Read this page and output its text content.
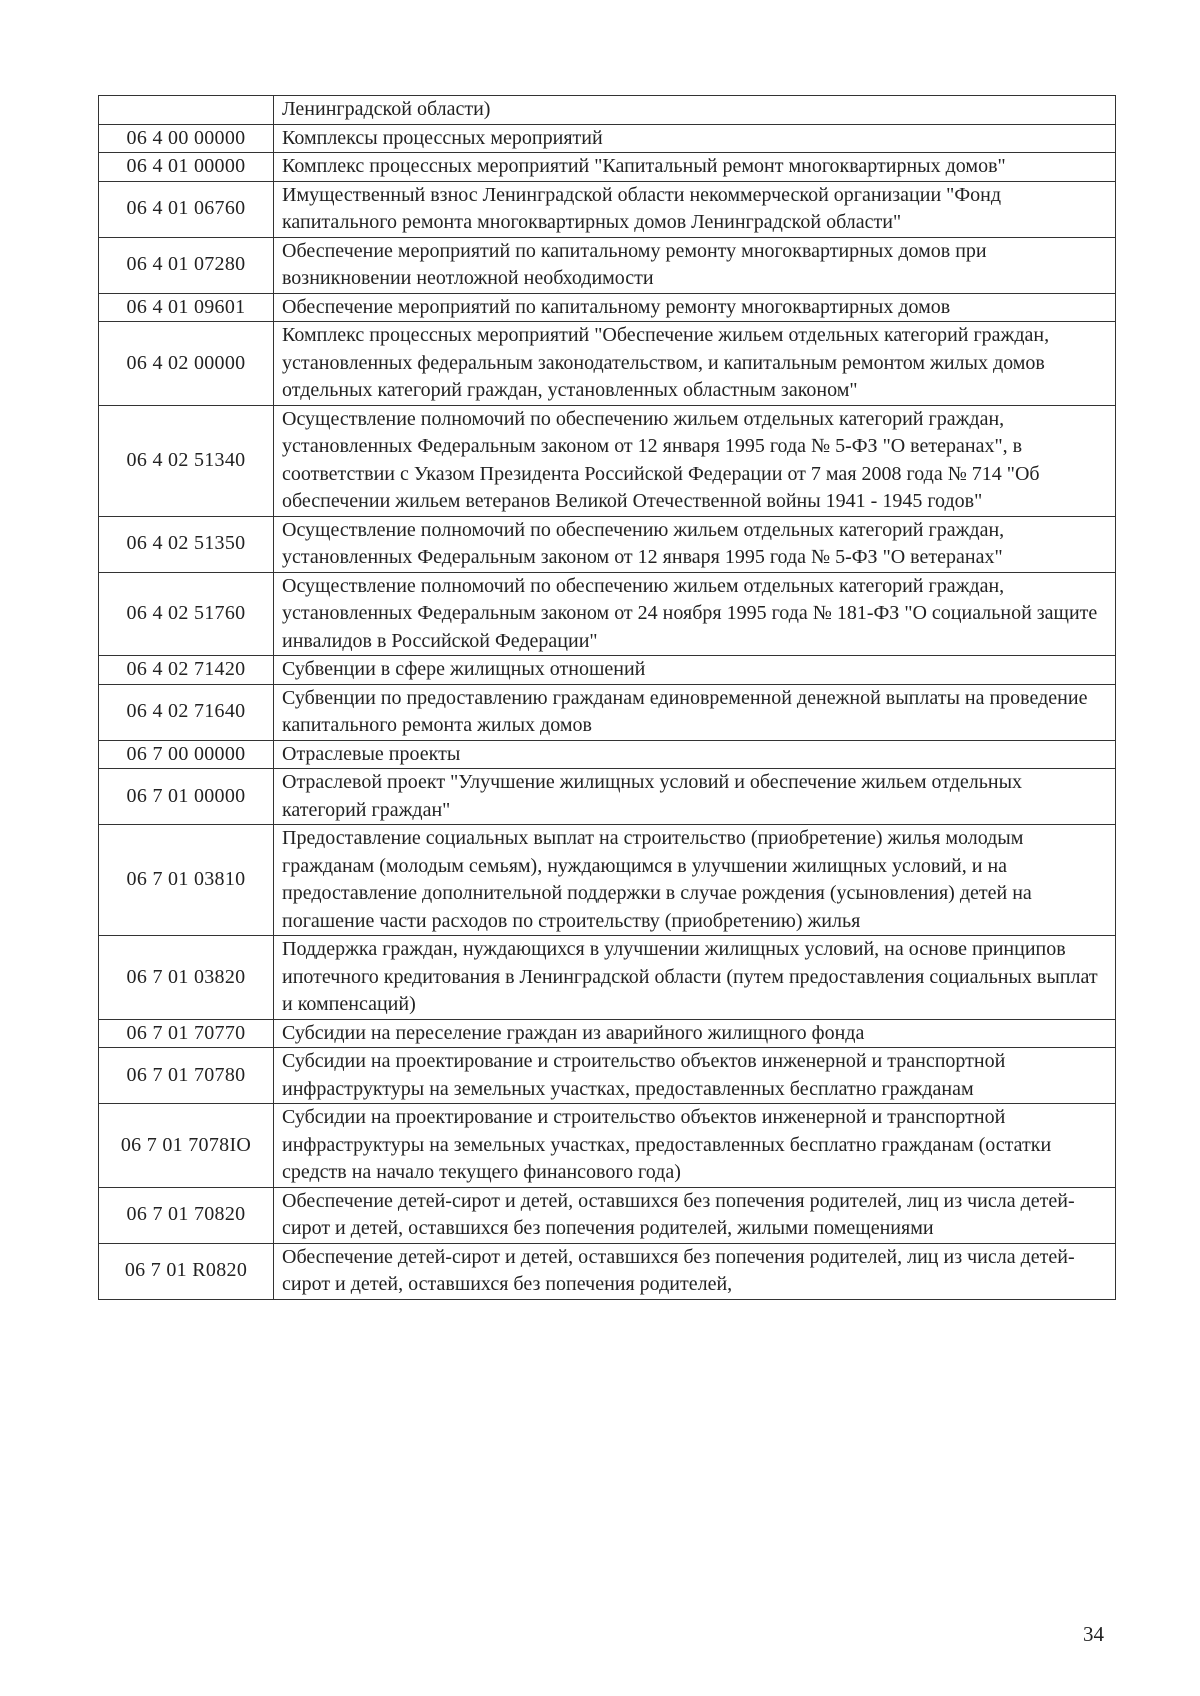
	Ленинградской области)
06 4 00 00000	Комплексы процессных мероприятий
06 4 01 00000	Комплекс процессных мероприятий "Капитальный ремонт многоквартирных домов"
06 4 01 06760	Имущественный взнос Ленинградской области некоммерческой организации "Фонд капитального ремонта многоквартирных домов Ленинградской области"
06 4 01 07280	Обеспечение мероприятий по капитальному ремонту многоквартирных домов при возникновении неотложной необходимости
06 4 01 09601	Обеспечение мероприятий по капитальному ремонту многоквартирных домов
06 4 02 00000	Комплекс процессных мероприятий "Обеспечение жильем отдельных категорий граждан, установленных федеральным законодательством, и капитальным ремонтом жилых домов отдельных категорий граждан, установленных областным законом"
06 4 02 51340	Осуществление полномочий по обеспечению жильем отдельных категорий граждан, установленных Федеральным законом от 12 января 1995 года № 5-ФЗ "О ветеранах", в соответствии с Указом Президента Российской Федерации от 7 мая 2008 года № 714 "Об обеспечении жильем ветеранов Великой Отечественной войны 1941 - 1945 годов"
06 4 02 51350	Осуществление полномочий по обеспечению жильем отдельных категорий граждан, установленных Федеральным законом от 12 января 1995 года № 5-ФЗ "О ветеранах"
06 4 02 51760	Осуществление полномочий по обеспечению жильем отдельных категорий граждан, установленных Федеральным законом от 24 ноября 1995 года № 181-ФЗ "О социальной защите инвалидов в Российской Федерации"
06 4 02 71420	Субвенции в сфере жилищных отношений
06 4 02 71640	Субвенции по предоставлению гражданам единовременной денежной выплаты на проведение капитального ремонта жилых домов
06 7 00 00000	Отраслевые проекты
06 7 01 00000	Отраслевой проект "Улучшение жилищных условий и обеспечение жильем отдельных категорий граждан"
06 7 01 03810	Предоставление социальных выплат на строительство (приобретение) жилья молодым гражданам (молодым семьям), нуждающимся в улучшении жилищных условий, и на предоставление дополнительной поддержки в случае рождения (усыновления) детей на погашение части расходов по строительству (приобретению) жилья
06 7 01 03820	Поддержка граждан, нуждающихся в улучшении жилищных условий, на основе принципов ипотечного кредитования в Ленинградской области (путем предоставления социальных выплат и компенсаций)
06 7 01 70770	Субсидии на переселение граждан из аварийного жилищного фонда
06 7 01 70780	Субсидии на проектирование и строительство объектов инженерной и транспортной инфраструктуры на земельных участках, предоставленных бесплатно гражданам
06 7 01 7078IO	Субсидии на проектирование и строительство объектов инженерной и транспортной инфраструктуры на земельных участках, предоставленных бесплатно гражданам (остатки средств на начало текущего финансового года)
06 7 01 70820	Обеспечение детей-сирот и детей, оставшихся без попечения родителей, лиц из числа детей-сирот и детей, оставшихся без попечения родителей, жилыми помещениями
06 7 01 R0820	Обеспечение детей-сирот и детей, оставшихся без попечения родителей, лиц из числа детей-сирот и детей, оставшихся без попечения родителей,
34
